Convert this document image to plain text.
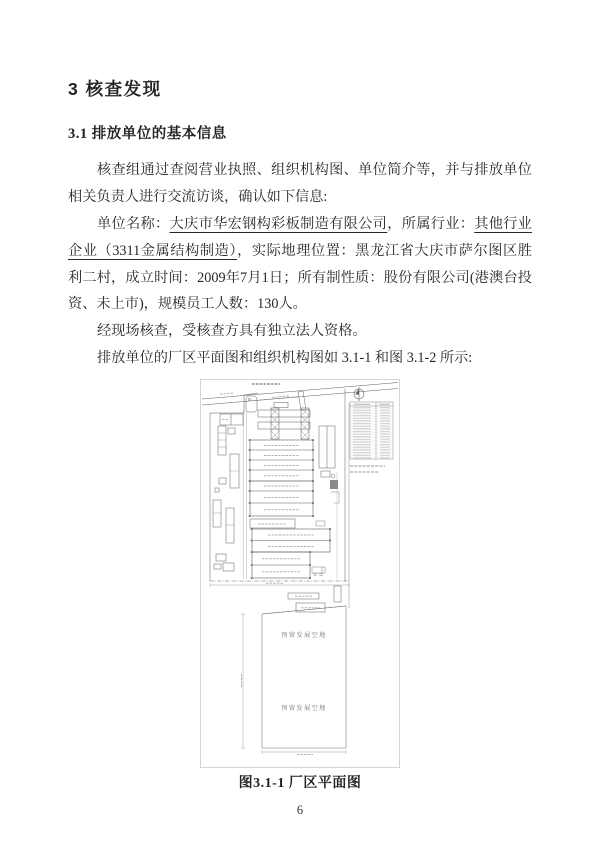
3 核查发现
3.1 排放单位的基本信息
核查组通过查阅营业执照、组织机构图、单位简介等，并与排放单位
相关负责人进行交流访谈，确认如下信息:
单位名称：大庆市华宏钢构彩板制造有限公司，所属行业：其他行业
企业（3311金属结构制造），实际地理位置：黑龙江省大庆市萨尔图区胜
利二村，成立时间：2009年7月1日；所有制性质：股份有限公司(港澳台投
资、未上市)，规模员工人数：130人。
经现场核查，受核查方具有独立法人资格。
排放单位的厂区平面图和组织机构图如 3.1-1 和图 3.1-2 所示:
预留发展空地
预留发展空地
图3.1-1 厂区平面图
6
